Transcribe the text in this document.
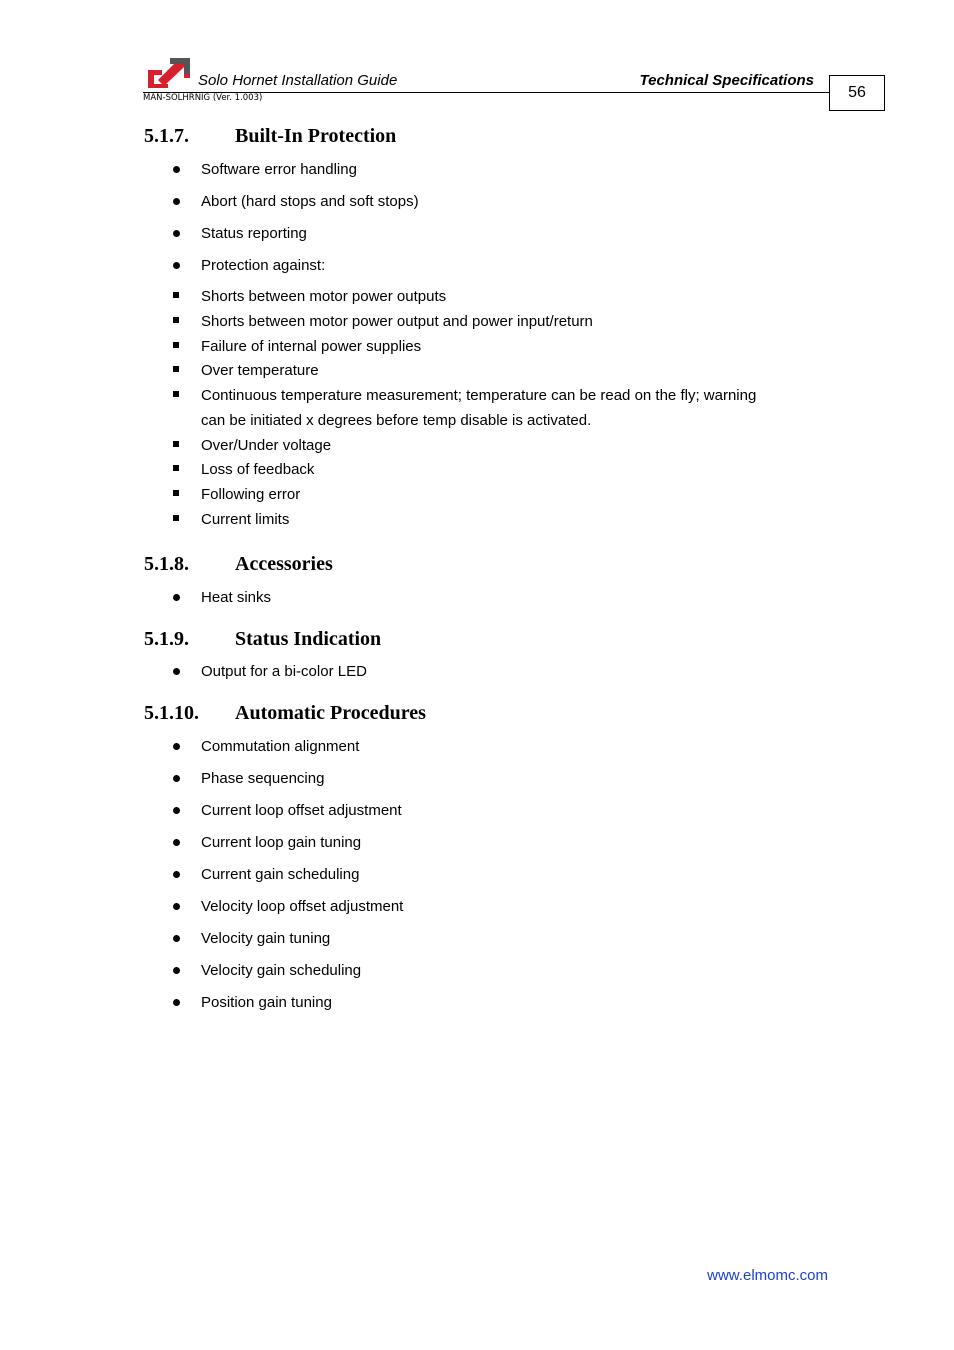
Solo Hornet Installation Guide	Technical Specifications
MAN-SOLHRNIG (Ver. 1.003)	56
5.1.7. Built-In Protection
Software error handling
Abort (hard stops and soft stops)
Status reporting
Protection against:
Shorts between motor power outputs
Shorts between motor power output and power input/return
Failure of internal power supplies
Over temperature
Continuous temperature measurement; temperature can be read on the fly; warning
can be initiated x degrees before temp disable is activated.
Over/Under voltage
Loss of feedback
Following error
Current limits
5.1.8. Accessories
Heat sinks
5.1.9. Status Indication
Output for a bi-color LED
5.1.10. Automatic Procedures
Commutation alignment
Phase sequencing
Current loop offset adjustment
Current loop gain tuning
Current gain scheduling
Velocity loop offset adjustment
Velocity gain tuning
Velocity gain scheduling
Position gain tuning
www.elmomc.com
